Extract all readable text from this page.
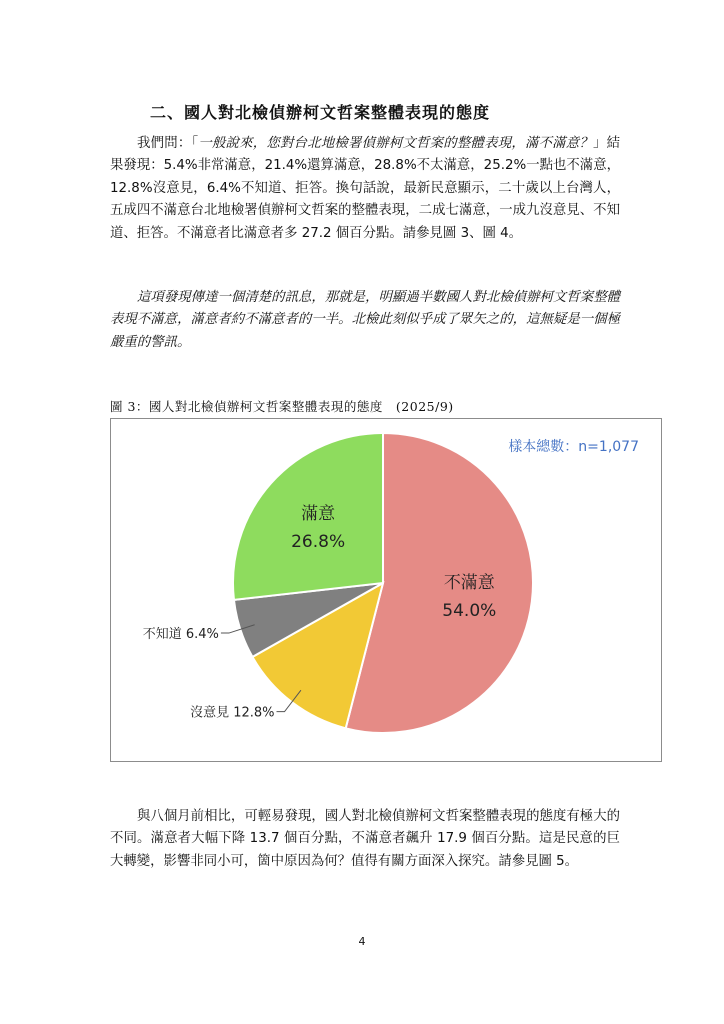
二、國人對北檢偵辦柯文哲案整體表現的態度

我們問：「一般說來，您對台北地檢署偵辦柯文哲案的整體表現，滿不滿意？」結果發現：5.4%非常滿意，21.4%還算滿意，28.8%不太滿意，25.2%一點也不滿意，12.8%沒意見，6.4%不知道、拒答。換句話說，最新民意顯示，二十歲以上台灣人，五成四不滿意台北地檢署偵辦柯文哲案的整體表現，二成七滿意，一成九沒意見、不知道、拒答。不滿意者比滿意者多 27.2 個百分點。請參見圖 3、圖 4。

這項發現傳達一個清楚的訊息，那就是，明顯過半數國人對北檢偵辦柯文哲案整體表現不滿意，滿意者約不滿意者的一半。北檢此刻似乎成了眾矢之的，這無疑是一個極嚴重的警訊。

圖 3：國人對北檢偵辦柯文哲案整體表現的態度　(2025/9)
樣本總數：n=1,077
不滿意
54.0%
沒意見 12.8%
不知道 6.4%
滿意
26.8%

與八個月前相比，可輕易發現，國人對北檢偵辦柯文哲案整體表現的態度有極大的不同。滿意者大幅下降 13.7 個百分點，不滿意者飆升 17.9 個百分點。這是民意的巨大轉變，影響非同小可，箇中原因為何？值得有關方面深入探究。請參見圖 5。

4
